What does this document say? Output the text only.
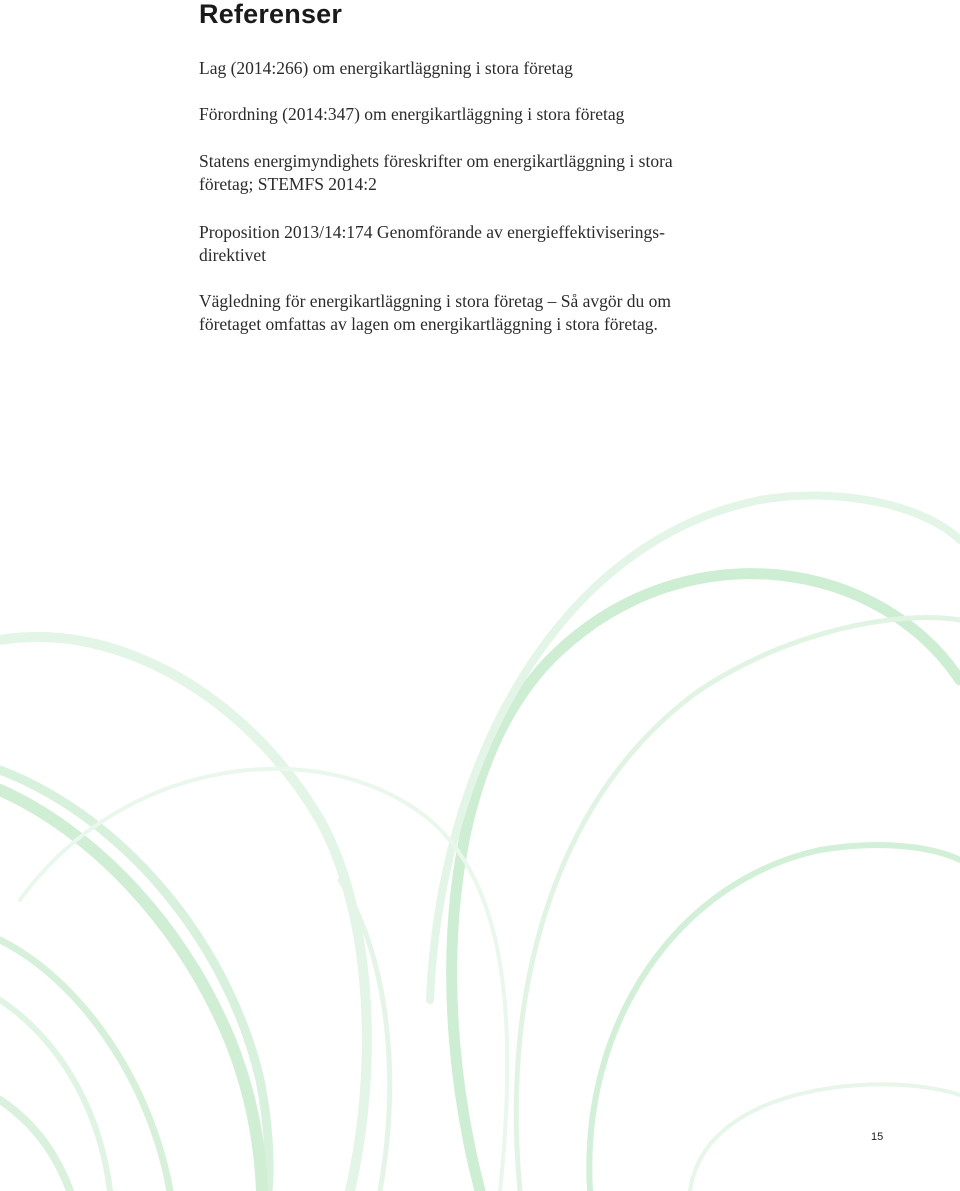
Referenser
Lag (2014:266) om energikartläggning i stora företag
Förordning (2014:347) om energikartläggning i stora företag
Statens energimyndighets föreskrifter om energikartläggning i stora
företag; STEMFS 2014:2
Proposition 2013/14:174 Genomförande av energieffektiviserings-
direktivet
Vägledning för energikartläggning i stora företag – Så avgör du om
företaget omfattas av lagen om energikartläggning i stora företag.
15
